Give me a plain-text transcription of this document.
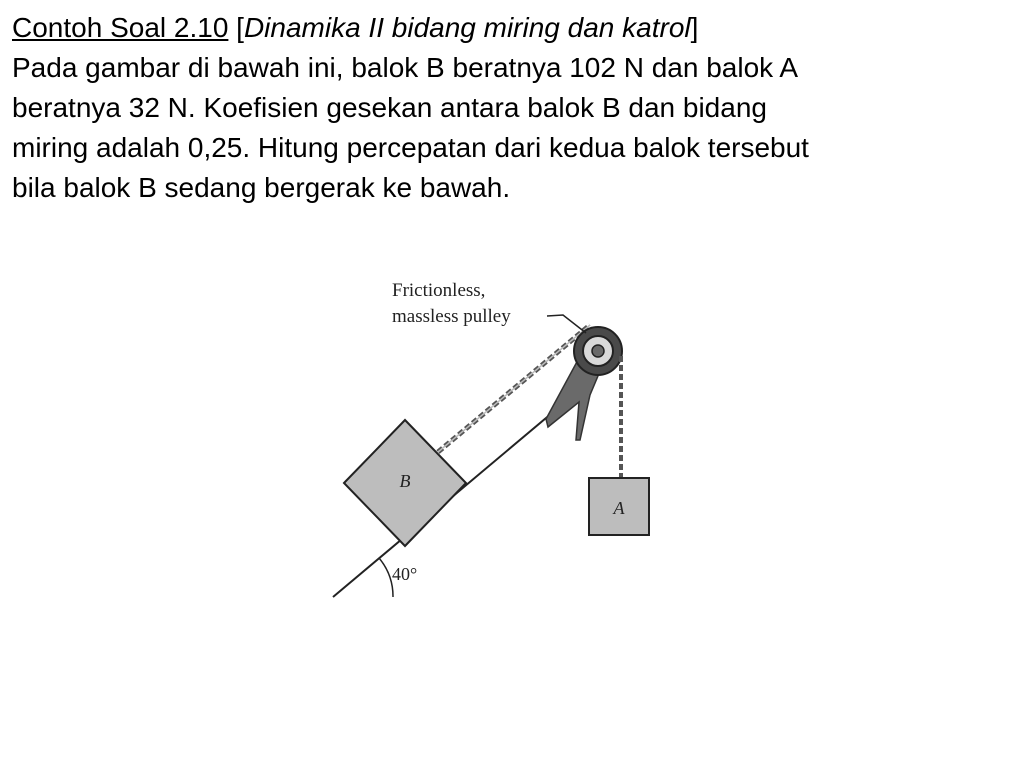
Contoh Soal 2.10 [Dinamika II bidang miring dan katrol]
Pada gambar di bawah ini, balok B beratnya 102 N dan balok A
beratnya 32 N. Koefisien gesekan antara balok B dan bidang
miring adalah 0,25. Hitung percepatan dari kedua balok tersebut
bila balok B sedang bergerak ke bawah.
40°
B
A
Frictionless,
massless pulley
